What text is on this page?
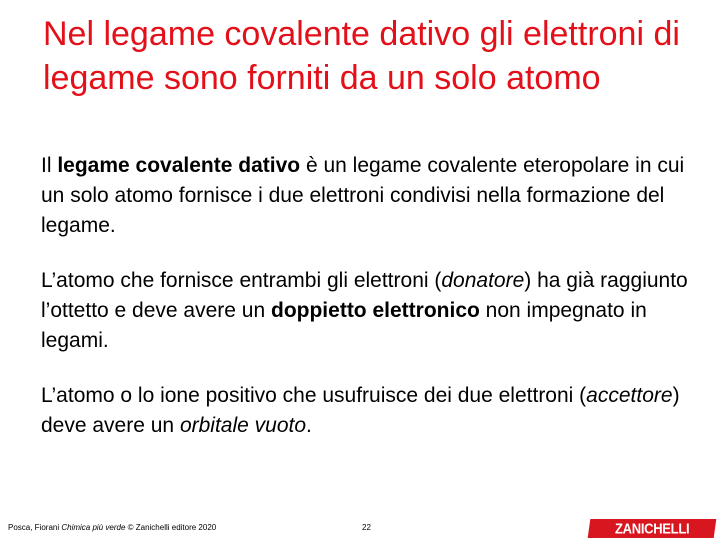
Nel legame covalente dativo gli elettroni di legame sono forniti da un solo atomo

Il legame covalente dativo è un legame covalente eteropolare in cui un solo atomo fornisce i due elettroni condivisi nella formazione del legame.

L’atomo che fornisce entrambi gli elettroni (donatore) ha già raggiunto l’ottetto e deve avere un doppietto elettronico non impegnato in legami.

L’atomo o lo ione positivo che usufruisce dei due elettroni (accettore) deve avere un orbitale vuoto.

Posca, Fiorani Chimica più verde © Zanichelli editore 2020	22	ZANICHELLI
